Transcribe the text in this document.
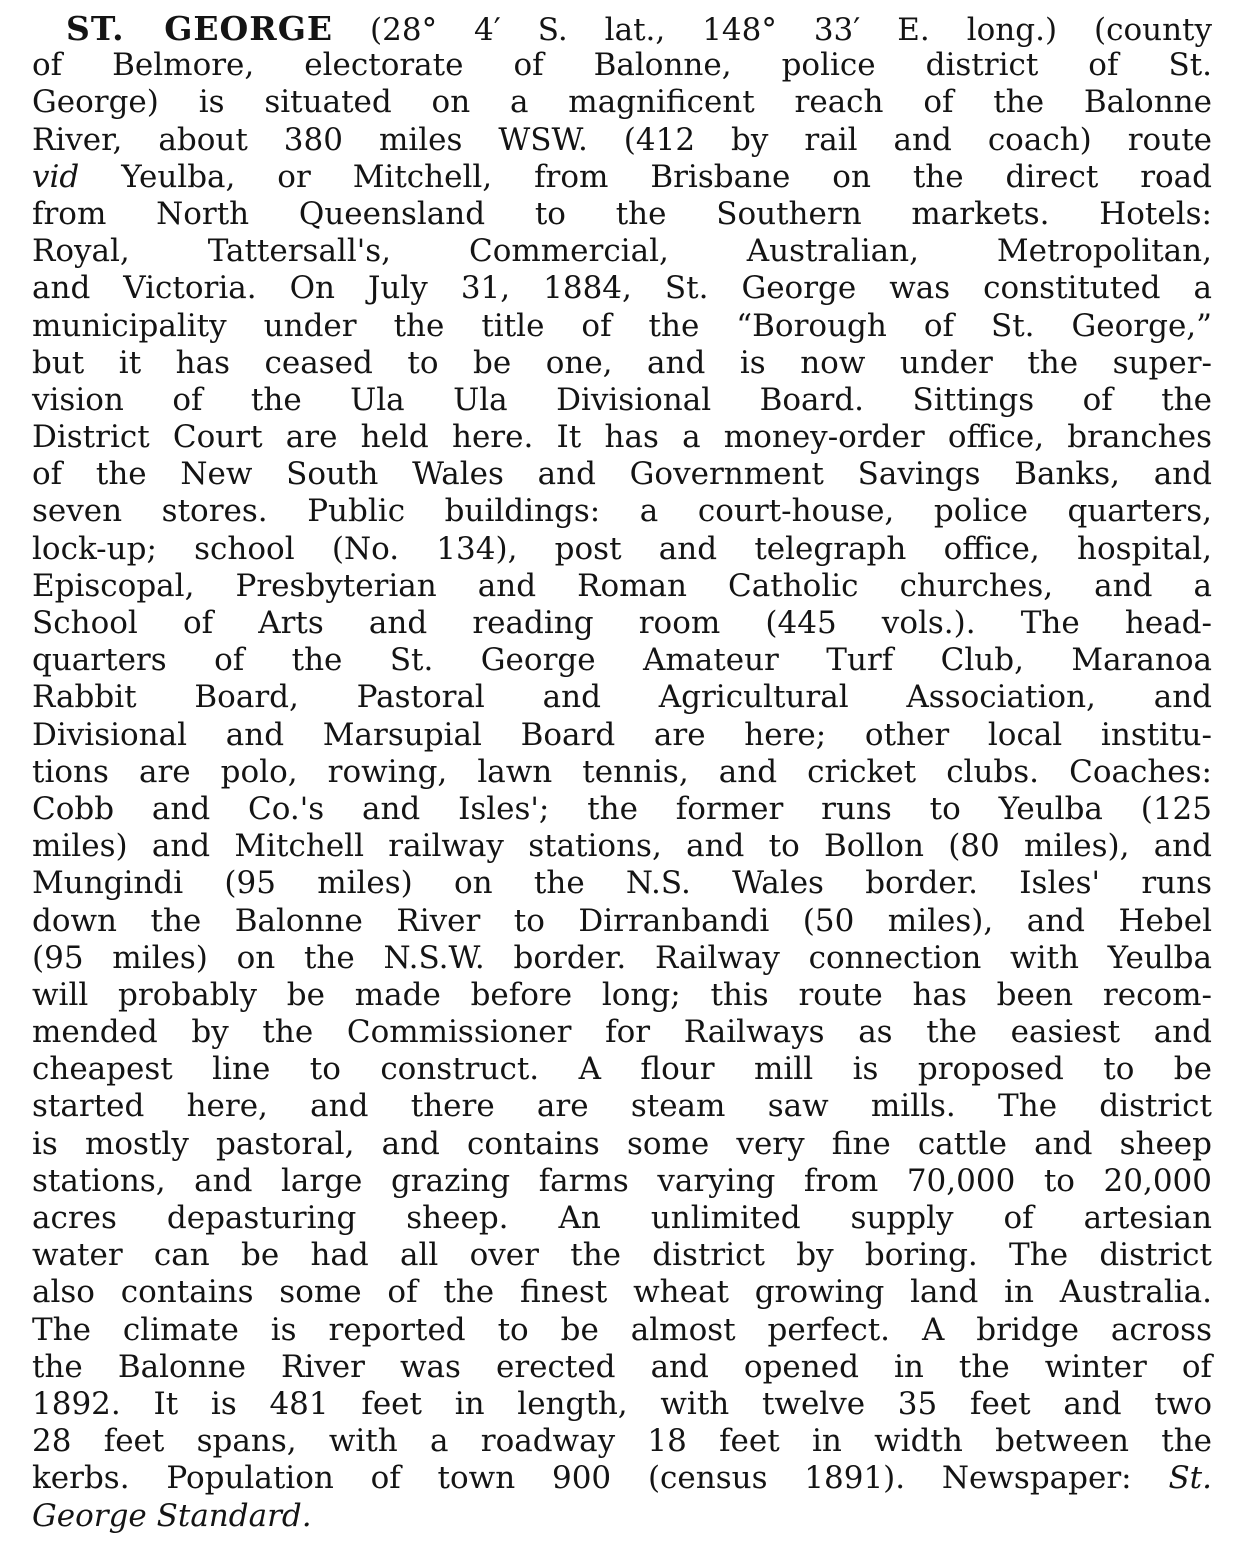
ST. GEORGE (28° 4′ S. lat., 148° 33′ E. long.) (county
of Belmore, electorate of Balonne, police district of St.
George) is situated on a magnificent reach of the Balonne
River, about 380 miles WSW. (412 by rail and coach) route
vid Yeulba, or Mitchell, from Brisbane on the direct road
from North Queensland to the Southern markets. Hotels:
Royal, Tattersall's, Commercial, Australian, Metropolitan,
and Victoria. On July 31, 1884, St. George was constituted a
municipality under the title of the “Borough of St. George,”
but it has ceased to be one, and is now under the super-
vision of the Ula Ula Divisional Board. Sittings of the
District Court are held here. It has a money-order office, branches
of the New South Wales and Government Savings Banks, and
seven stores. Public buildings: a court-house, police quarters,
lock-up; school (No. 134), post and telegraph office, hospital,
Episcopal, Presbyterian and Roman Catholic churches, and a
School of Arts and reading room (445 vols.). The head-
quarters of the St. George Amateur Turf Club, Maranoa
Rabbit Board, Pastoral and Agricultural Association, and
Divisional and Marsupial Board are here; other local institu-
tions are polo, rowing, lawn tennis, and cricket clubs. Coaches:
Cobb and Co.'s and Isles'; the former runs to Yeulba (125
miles) and Mitchell railway stations, and to Bollon (80 miles), and
Mungindi (95 miles) on the N.S. Wales border. Isles' runs
down the Balonne River to Dirranbandi (50 miles), and Hebel
(95 miles) on the N.S.W. border. Railway connection with Yeulba
will probably be made before long; this route has been recom-
mended by the Commissioner for Railways as the easiest and
cheapest line to construct. A flour mill is proposed to be
started here, and there are steam saw mills. The district
is mostly pastoral, and contains some very fine cattle and sheep
stations, and large grazing farms varying from 70,000 to 20,000
acres depasturing sheep. An unlimited supply of artesian
water can be had all over the district by boring. The district
also contains some of the finest wheat growing land in Australia.
The climate is reported to be almost perfect. A bridge across
the Balonne River was erected and opened in the winter of
1892. It is 481 feet in length, with twelve 35 feet and two
28 feet spans, with a roadway 18 feet in width between the
kerbs. Population of town 900 (census 1891). Newspaper: St.
George Standard.
